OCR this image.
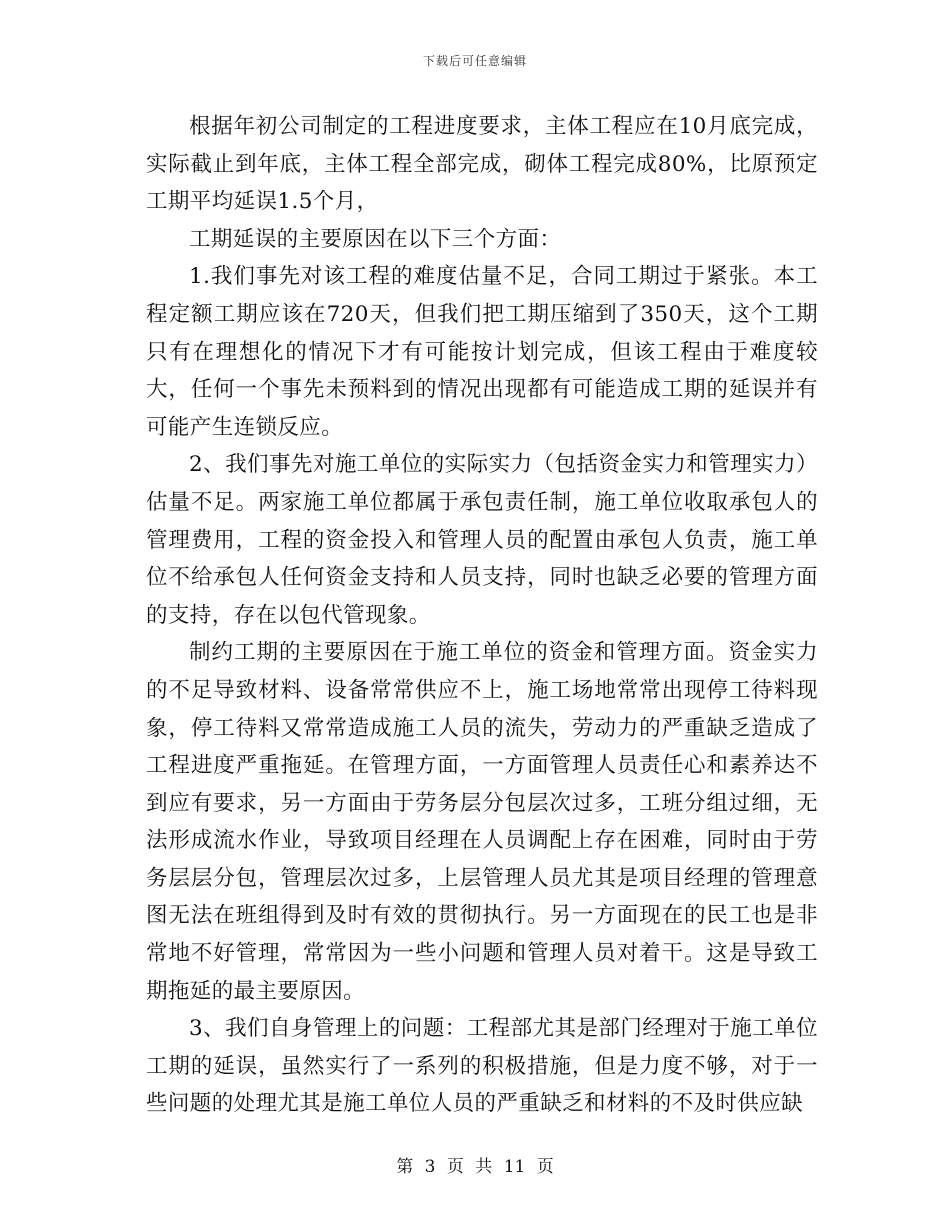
下载后可任意编辑

根据年初公司制定的工程进度要求，主体工程应在10月底完成，实际截止到年底，主体工程全部完成，砌体工程完成80%，比原预定工期平均延误1.5个月，

工期延误的主要原因在以下三个方面：

1.我们事先对该工程的难度估量不足，合同工期过于紧张。本工程定额工期应该在720天，但我们把工期压缩到了350天，这个工期只有在理想化的情况下才有可能按计划完成，但该工程由于难度较大，任何一个事先未预料到的情况出现都有可能造成工期的延误并有可能产生连锁反应。

2、我们事先对施工单位的实际实力（包括资金实力和管理实力）估量不足。两家施工单位都属于承包责任制，施工单位收取承包人的管理费用，工程的资金投入和管理人员的配置由承包人负责，施工单位不给承包人任何资金支持和人员支持，同时也缺乏必要的管理方面的支持，存在以包代管现象。

制约工期的主要原因在于施工单位的资金和管理方面。资金实力的不足导致材料、设备常常供应不上，施工场地常常出现停工待料现象，停工待料又常常造成施工人员的流失，劳动力的严重缺乏造成了工程进度严重拖延。在管理方面，一方面管理人员责任心和素养达不到应有要求，另一方面由于劳务层分包层次过多，工班分组过细，无法形成流水作业，导致项目经理在人员调配上存在困难，同时由于劳务层层分包，管理层次过多，上层管理人员尤其是项目经理的管理意图无法在班组得到及时有效的贯彻执行。另一方面现在的民工也是非常地不好管理，常常因为一些小问题和管理人员对着干。这是导致工期拖延的最主要原因。

3、我们自身管理上的问题：工程部尤其是部门经理对于施工单位工期的延误，虽然实行了一系列的积极措施，但是力度不够，对于一些问题的处理尤其是施工单位人员的严重缺乏和材料的不及时供应缺

第 3 页 共 11 页
